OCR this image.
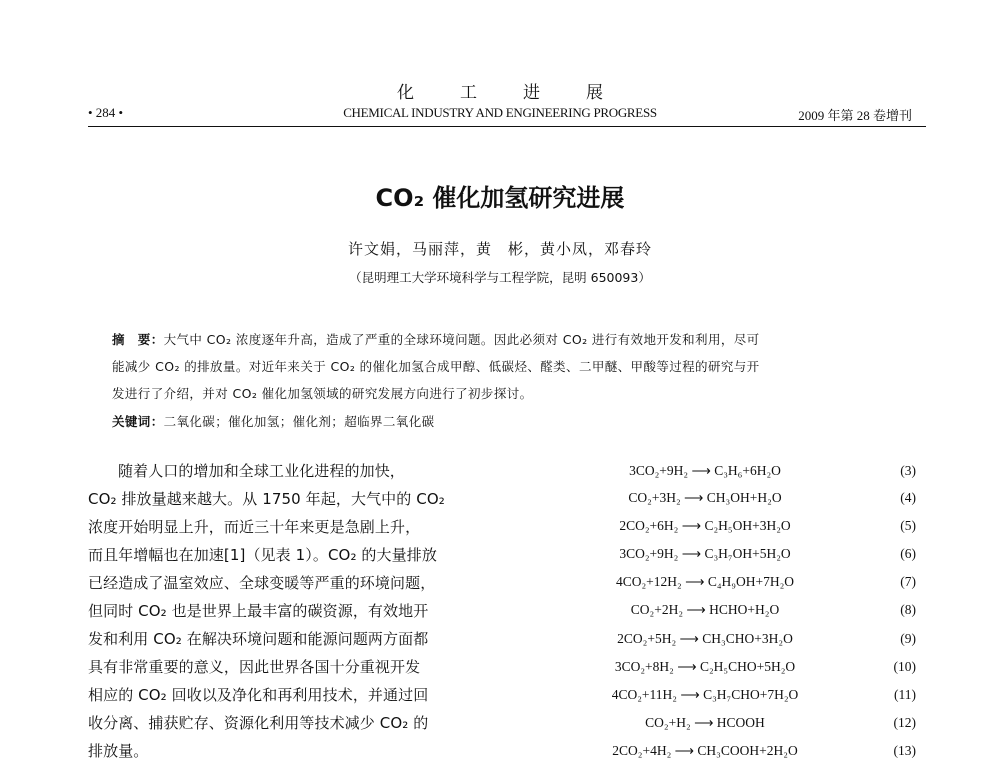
化工进展
• 284 •	CHEMICAL INDUSTRY AND ENGINEERING PROGRESS	2009 年第 28 卷增刊
CO₂ 催化加氢研究进展
许文娟，马丽萍，黄　彬，黄小凤，邓春玲
（昆明理工大学环境科学与工程学院，昆明 650093）
摘　要：大气中 CO₂ 浓度逐年升高，造成了严重的全球环境问题。因此必须对 CO₂ 进行有效地开发和利用，尽可
能减少 CO₂ 的排放量。对近年来关于 CO₂ 的催化加氢合成甲醇、低碳烃、醛类、二甲醚、甲酸等过程的研究与开
发进行了介绍，并对 CO₂ 催化加氢领域的研究发展方向进行了初步探讨。
关键词：二氧化碳；催化加氢；催化剂；超临界二氧化碳
随着人口的增加和全球工业化进程的加快，
CO₂ 排放量越来越大。从 1750 年起，大气中的 CO₂
浓度开始明显上升，而近三十年来更是急剧上升，
而且年增幅也在加速[1]（见表 1）。CO₂ 的大量排放
已经造成了温室效应、全球变暖等严重的环境问题，
但同时 CO₂ 也是世界上最丰富的碳资源，有效地开
发和利用 CO₂ 在解决环境问题和能源问题两方面都
具有非常重要的意义，因此世界各国十分重视开发
相应的 CO₂ 回收以及净化和再利用技术，并通过回
收分离、捕获贮存、资源化利用等技术减少 CO₂ 的
排放量。
3CO₂+9H₂ ⟶ C₃H₆+6H₂O	(3)
CO₂+3H₂ ⟶ CH₃OH+H₂O	(4)
2CO₂+6H₂ ⟶ C₂H₅OH+3H₂O	(5)
3CO₂+9H₂ ⟶ C₃H₇OH+5H₂O	(6)
4CO₂+12H₂ ⟶ C₄H₉OH+7H₂O	(7)
CO₂+2H₂ ⟶ HCHO+H₂O	(8)
2CO₂+5H₂ ⟶ CH₃CHO+3H₂O	(9)
3CO₂+8H₂ ⟶ C₂H₅CHO+5H₂O	(10)
4CO₂+11H₂ ⟶ C₃H₇CHO+7H₂O	(11)
CO₂+H₂ ⟶ HCOOH	(12)
2CO₂+4H₂ ⟶ CH₃COOH+2H₂O	(13)
